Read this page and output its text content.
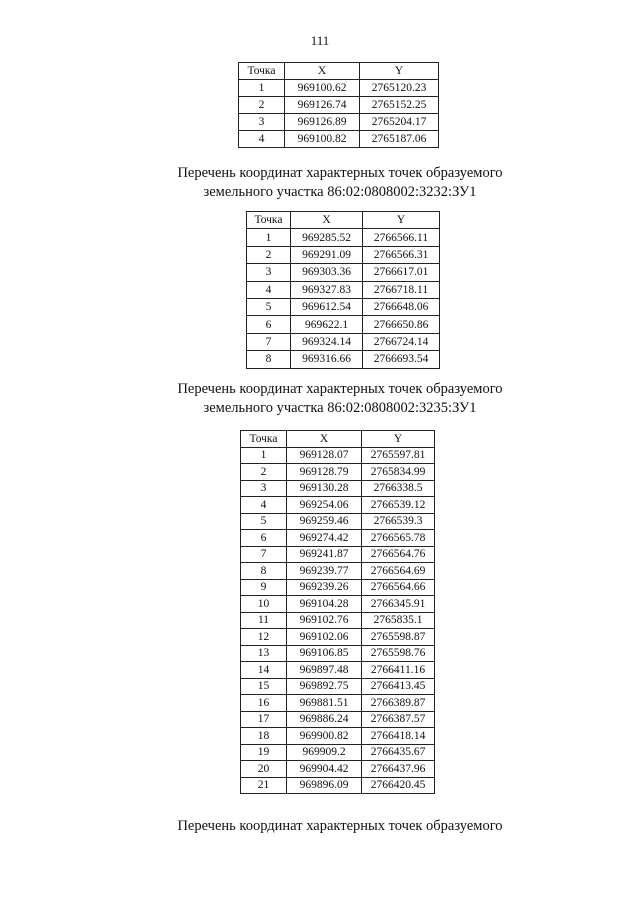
111
Точка	X	Y
1	969100.62	2765120.23
2	969126.74	2765152.25
3	969126.89	2765204.17
4	969100.82	2765187.06
Перечень координат характерных точек образуемого
земельного участка 86:02:0808002:3232:ЗУ1
Точка	X	Y
1	969285.52	2766566.11
2	969291.09	2766566.31
3	969303.36	2766617.01
4	969327.83	2766718.11
5	969612.54	2766648.06
6	969622.1	2766650.86
7	969324.14	2766724.14
8	969316.66	2766693.54
Перечень координат характерных точек образуемого
земельного участка 86:02:0808002:3235:ЗУ1
Точка	X	Y
1	969128.07	2765597.81
2	969128.79	2765834.99
3	969130.28	2766338.5
4	969254.06	2766539.12
5	969259.46	2766539.3
6	969274.42	2766565.78
7	969241.87	2766564.76
8	969239.77	2766564.69
9	969239.26	2766564.66
10	969104.28	2766345.91
11	969102.76	2765835.1
12	969102.06	2765598.87
13	969106.85	2765598.76
14	969897.48	2766411.16
15	969892.75	2766413.45
16	969881.51	2766389.87
17	969886.24	2766387.57
18	969900.82	2766418.14
19	969909.2	2766435.67
20	969904.42	2766437.96
21	969896.09	2766420.45
Перечень координат характерных точек образуемого
